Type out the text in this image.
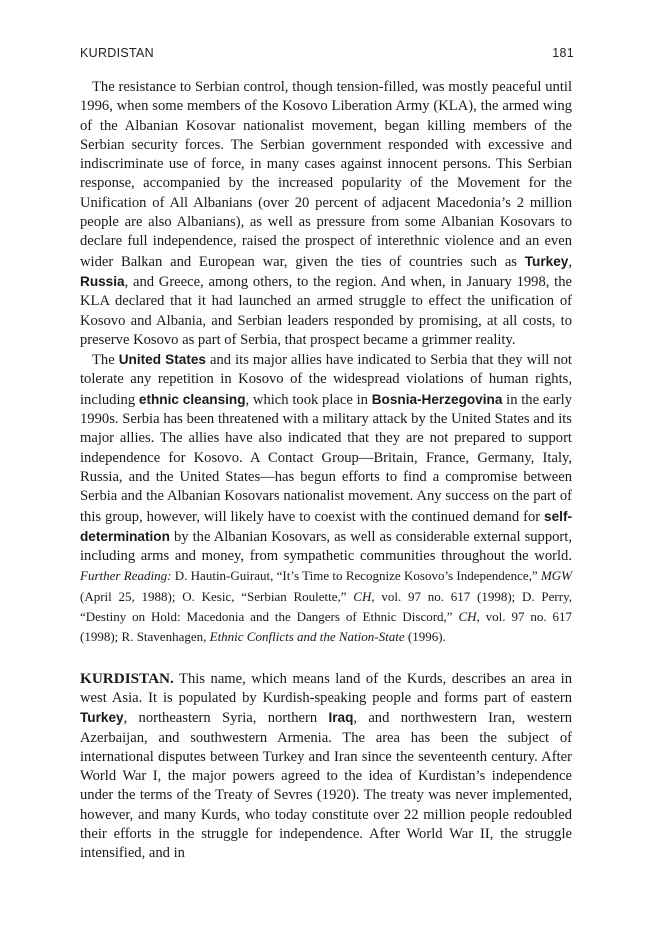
KURDISTAN	181

The resistance to Serbian control, though tension-filled, was mostly peaceful until 1996, when some members of the Kosovo Liberation Army (KLA), the armed wing of the Albanian Kosovar nationalist movement, began killing members of the Serbian security forces. The Serbian government responded with excessive and indiscriminate use of force, in many cases against innocent persons. This Serbian response, accompanied by the increased popularity of the Movement for the Unification of All Albanians (over 20 percent of adjacent Macedonia’s 2 million people are also Albanians), as well as pressure from some Albanian Kosovars to declare full independence, raised the prospect of interethnic violence and an even wider Balkan and European war, given the ties of countries such as Turkey, Russia, and Greece, among others, to the region. And when, in January 1998, the KLA declared that it had launched an armed struggle to effect the unification of Kosovo and Albania, and Serbian leaders responded by promising, at all costs, to preserve Kosovo as part of Serbia, that prospect became a grimmer reality.

The United States and its major allies have indicated to Serbia that they will not tolerate any repetition in Kosovo of the widespread violations of human rights, including ethnic cleansing, which took place in Bosnia-Herzegovina in the early 1990s. Serbia has been threatened with a military attack by the United States and its major allies. The allies have also indicated that they are not prepared to support independence for Kosovo. A Contact Group—Britain, France, Germany, Italy, Russia, and the United States—has begun efforts to find a compromise between Serbia and the Albanian Kosovars nationalist movement. Any success on the part of this group, however, will likely have to coexist with the continued demand for self-determination by the Albanian Kosovars, as well as considerable external support, including arms and money, from sympathetic communities throughout the world. Further Reading: D. Hautin-Guiraut, “It’s Time to Recognize Kosovo’s Independence,” MGW (April 25, 1988); O. Kesic, “Serbian Roulette,” CH, vol. 97 no. 617 (1998); D. Perry, “Destiny on Hold: Macedonia and the Dangers of Ethnic Discord,” CH, vol. 97 no. 617 (1998); R. Stavenhagen, Ethnic Conflicts and the Nation-State (1996).

KURDISTAN. This name, which means land of the Kurds, describes an area in west Asia. It is populated by Kurdish-speaking people and forms part of eastern Turkey, northeastern Syria, northern Iraq, and northwestern Iran, western Azerbaijan, and southwestern Armenia. The area has been the subject of international disputes between Turkey and Iran since the seventeenth century. After World War I, the major powers agreed to the idea of Kurdistan’s independence under the terms of the Treaty of Sevres (1920). The treaty was never implemented, however, and many Kurds, who today constitute over 22 million people redoubled their efforts in the struggle for independence. After World War II, the struggle intensified, and in
